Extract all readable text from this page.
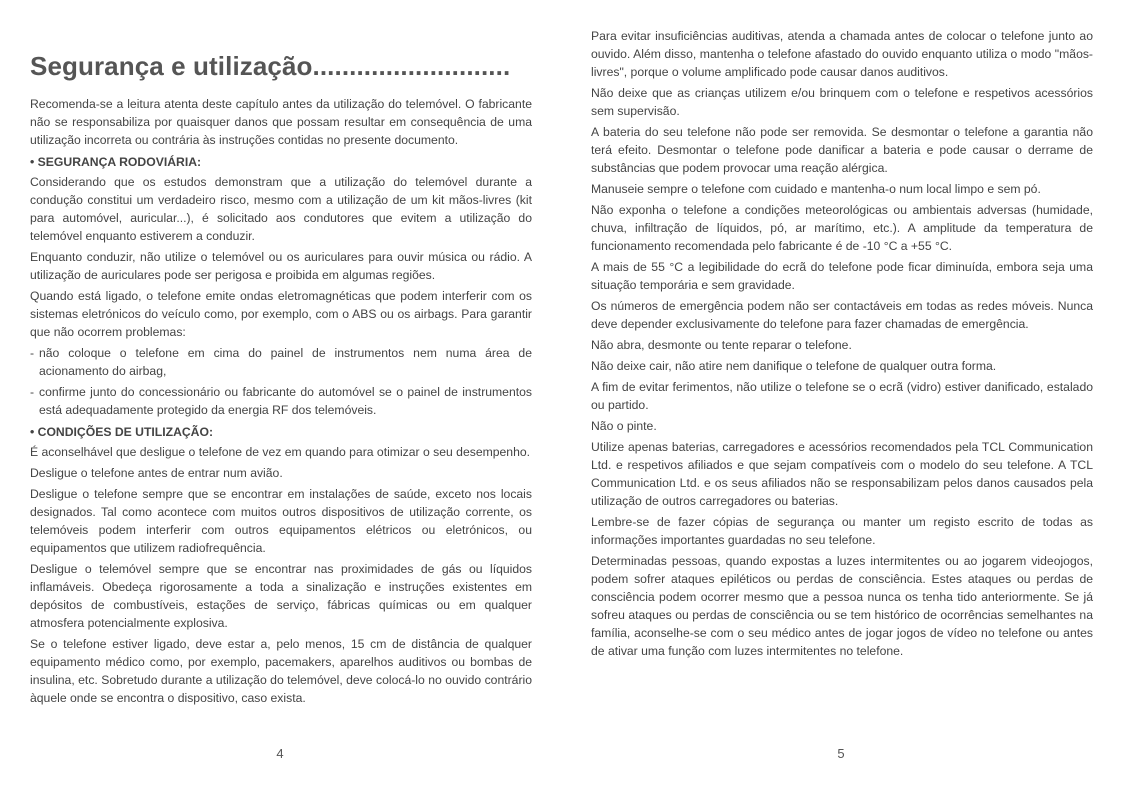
Segurança e utilização...........................

Recomenda-se a leitura atenta deste capítulo antes da utilização do telemóvel. O fabricante não se responsabiliza por quaisquer danos que possam resultar em consequência de uma utilização incorreta ou contrária às instruções contidas no presente documento.

• SEGURANÇA RODOVIÁRIA:

Considerando que os estudos demonstram que a utilização do telemóvel durante a condução constitui um verdadeiro risco, mesmo com a utilização de um kit mãos-livres (kit para automóvel, auricular...), é solicitado aos condutores que evitem a utilização do telemóvel enquanto estiverem a conduzir.

Enquanto conduzir, não utilize o telemóvel ou os auriculares para ouvir música ou rádio. A utilização de auriculares pode ser perigosa e proibida em algumas regiões.

Quando está ligado, o telefone emite ondas eletromagnéticas que podem interferir com os sistemas eletrónicos do veículo como, por exemplo, com o ABS ou os airbags. Para garantir que não ocorrem problemas:

- não coloque o telefone em cima do painel de instrumentos nem numa área de acionamento do airbag,
- confirme junto do concessionário ou fabricante do automóvel se o painel de instrumentos está adequadamente protegido da energia RF dos telemóveis.
• CONDIÇÕES DE UTILIZAÇÃO:

É aconselhável que desligue o telefone de vez em quando para otimizar o seu desempenho.

Desligue o telefone antes de entrar num avião.

Desligue o telefone sempre que se encontrar em instalações de saúde, exceto nos locais designados. Tal como acontece com muitos outros dispositivos de utilização corrente, os telemóveis podem interferir com outros equipamentos elétricos ou eletrónicos, ou equipamentos que utilizem radiofrequência.

Desligue o telemóvel sempre que se encontrar nas proximidades de gás ou líquidos inflamáveis. Obedeça rigorosamente a toda a sinalização e instruções existentes em depósitos de combustíveis, estações de serviço, fábricas químicas ou em qualquer atmosfera potencialmente explosiva.

Se o telefone estiver ligado, deve estar a, pelo menos, 15 cm de distância de qualquer equipamento médico como, por exemplo, pacemakers, aparelhos auditivos ou bombas de insulina, etc. Sobretudo durante a utilização do telemóvel, deve colocá-lo no ouvido contrário àquele onde se encontra o dispositivo, caso exista.

4

Para evitar insuficiências auditivas, atenda a chamada antes de colocar o telefone junto ao ouvido. Além disso, mantenha o telefone afastado do ouvido enquanto utiliza o modo "mãos-livres", porque o volume amplificado pode causar danos auditivos.

Não deixe que as crianças utilizem e/ou brinquem com o telefone e respetivos acessórios sem supervisão.

A bateria do seu telefone não pode ser removida. Se desmontar o telefone a garantia não terá efeito. Desmontar o telefone pode danificar a bateria e pode causar o derrame de substâncias que podem provocar uma reação alérgica.

Manuseie sempre o telefone com cuidado e mantenha-o num local limpo e sem pó.

Não exponha o telefone a condições meteorológicas ou ambientais adversas (humidade, chuva, infiltração de líquidos, pó, ar marítimo, etc.). A amplitude da temperatura de funcionamento recomendada pelo fabricante é de -10 °C a +55 °C.

A mais de 55 °C a legibilidade do ecrã do telefone pode ficar diminuída, embora seja uma situação temporária e sem gravidade.

Os números de emergência podem não ser contactáveis em todas as redes móveis. Nunca deve depender exclusivamente do telefone para fazer chamadas de emergência.

Não abra, desmonte ou tente reparar o telefone.

Não deixe cair, não atire nem danifique o telefone de qualquer outra forma.

A fim de evitar ferimentos, não utilize o telefone se o ecrã (vidro) estiver danificado, estalado ou partido.

Não o pinte.

Utilize apenas baterias, carregadores e acessórios recomendados pela TCL Communication Ltd. e respetivos afiliados e que sejam compatíveis com o modelo do seu telefone. A TCL Communication Ltd. e os seus afiliados não se responsabilizam pelos danos causados pela utilização de outros carregadores ou baterias.

Lembre-se de fazer cópias de segurança ou manter um registo escrito de todas as informações importantes guardadas no seu telefone.

Determinadas pessoas, quando expostas a luzes intermitentes ou ao jogarem videojogos, podem sofrer ataques epiléticos ou perdas de consciência. Estes ataques ou perdas de consciência podem ocorrer mesmo que a pessoa nunca os tenha tido anteriormente. Se já sofreu ataques ou perdas de consciência ou se tem histórico de ocorrências semelhantes na família, aconselhe-se com o seu médico antes de jogar jogos de vídeo no telefone ou antes de ativar uma função com luzes intermitentes no telefone.

5
